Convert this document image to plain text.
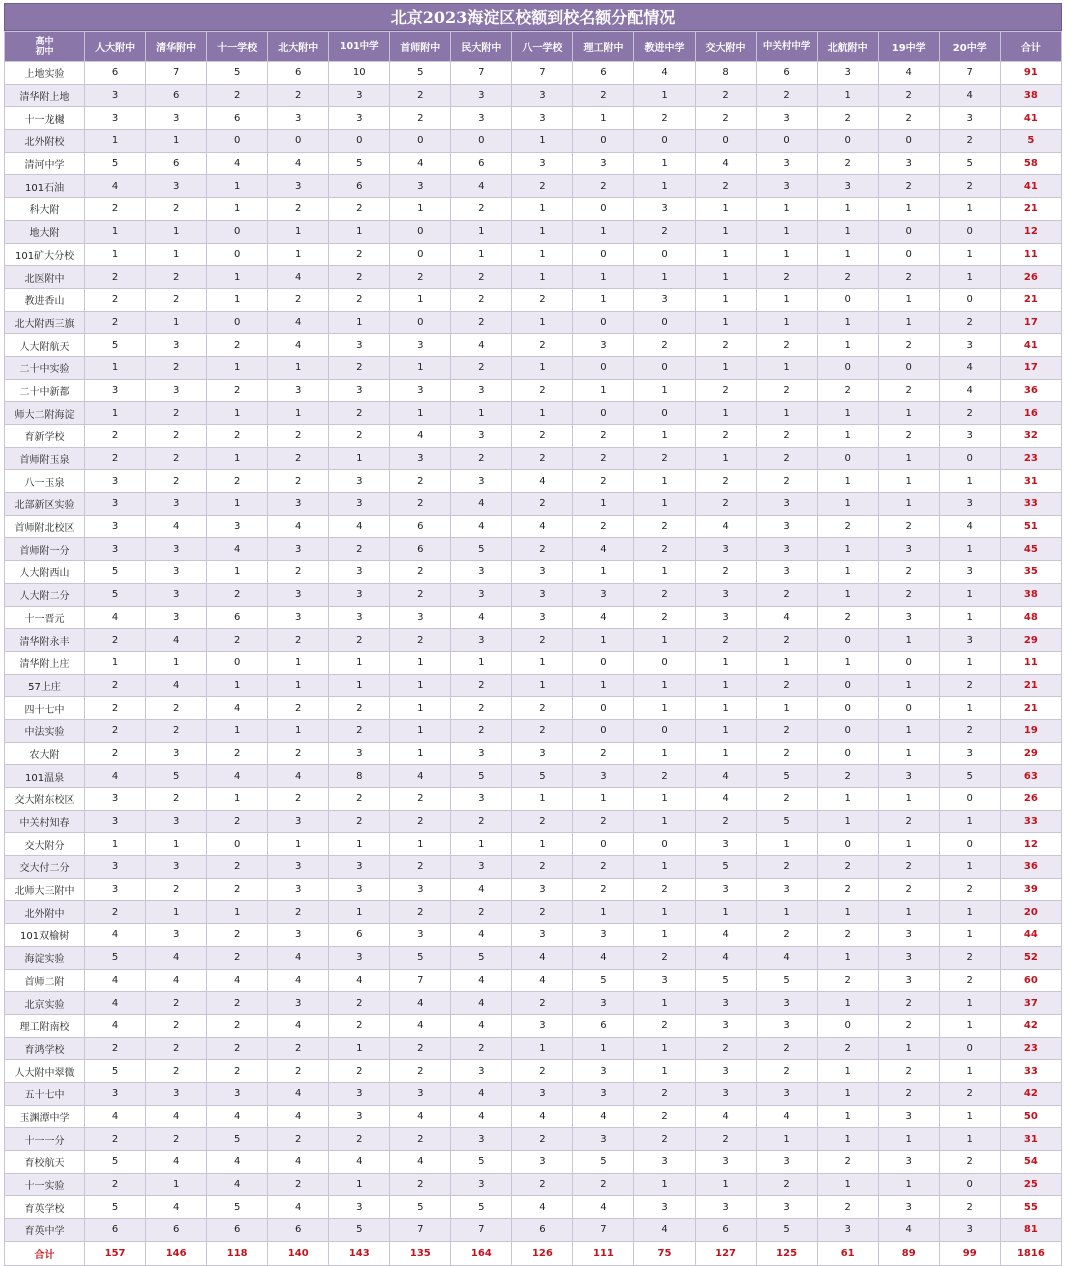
北京2023海淀区校额到校名额分配情况
高中
初中	人大附中	清华附中	十一学校	北大附中	101中学	首师附中	民大附中	八一学校	理工附中	教进中学	交大附中	中关村中学	北航附中	19中学	20中学	合计
上地实验	6	7	5	6	10	5	7	7	6	4	8	6	3	4	7	91
清华附上地	3	6	2	2	3	2	3	3	2	1	2	2	1	2	4	38
十一龙樾	3	3	6	3	3	2	3	3	1	2	2	3	2	2	3	41
北外附校	1	1	0	0	0	0	0	1	0	0	0	0	0	0	2	5
清河中学	5	6	4	4	5	4	6	3	3	1	4	3	2	3	5	58
101石油	4	3	1	3	6	3	4	2	2	1	2	3	3	2	2	41
科大附	2	2	1	2	2	1	2	1	0	3	1	1	1	1	1	21
地大附	1	1	0	1	1	0	1	1	1	2	1	1	1	0	0	12
101矿大分校	1	1	0	1	2	0	1	1	0	0	1	1	1	0	1	11
北医附中	2	2	1	4	2	2	2	1	1	1	1	2	2	2	1	26
教进香山	2	2	1	2	2	1	2	2	1	3	1	1	0	1	0	21
北大附西三旗	2	1	0	4	1	0	2	1	0	0	1	1	1	1	2	17
人大附航天	5	3	2	4	3	3	4	2	3	2	2	2	1	2	3	41
二十中实验	1	2	1	1	2	1	2	1	0	0	1	1	0	0	4	17
二十中新都	3	3	2	3	3	3	3	2	1	1	2	2	2	2	4	36
师大二附海淀	1	2	1	1	2	1	1	1	0	0	1	1	1	1	2	16
育新学校	2	2	2	2	2	4	3	2	2	1	2	2	1	2	3	32
首师附玉泉	2	2	1	2	1	3	2	2	2	2	1	2	0	1	0	23
八一玉泉	3	2	2	2	3	2	3	4	2	1	2	2	1	1	1	31
北部新区实验	3	3	1	3	3	2	4	2	1	1	2	3	1	1	3	33
首师附北校区	3	4	3	4	4	6	4	4	2	2	4	3	2	2	4	51
首师附一分	3	3	4	3	2	6	5	2	4	2	3	3	1	3	1	45
人大附西山	5	3	1	2	3	2	3	3	1	1	2	3	1	2	3	35
人大附二分	5	3	2	3	3	2	3	3	3	2	3	2	1	2	1	38
十一晋元	4	3	6	3	3	3	4	3	4	2	3	4	2	3	1	48
清华附永丰	2	4	2	2	2	2	3	2	1	1	2	2	0	1	3	29
清华附上庄	1	1	0	1	1	1	1	1	0	0	1	1	1	0	1	11
57上庄	2	4	1	1	1	1	2	1	1	1	1	2	0	1	2	21
四十七中	2	2	4	2	2	1	2	2	0	1	1	1	0	0	1	21
中法实验	2	2	1	1	2	1	2	2	0	0	1	2	0	1	2	19
农大附	2	3	2	2	3	1	3	3	2	1	1	2	0	1	3	29
101温泉	4	5	4	4	8	4	5	5	3	2	4	5	2	3	5	63
交大附东校区	3	2	1	2	2	2	3	1	1	1	4	2	1	1	0	26
中关村知春	3	3	2	3	2	2	2	2	2	1	2	5	1	2	1	33
交大附分	1	1	0	1	1	1	1	1	0	0	3	1	0	1	0	12
交大付二分	3	3	2	3	3	2	3	2	2	1	5	2	2	2	1	36
北师大三附中	3	2	2	3	3	3	4	3	2	2	3	3	2	2	2	39
北外附中	2	1	1	2	1	2	2	2	1	1	1	1	1	1	1	20
101双榆树	4	3	2	3	6	3	4	3	3	1	4	2	2	3	1	44
海淀实验	5	4	2	4	3	5	5	4	4	2	4	4	1	3	2	52
首师二附	4	4	4	4	4	7	4	4	5	3	5	5	2	3	2	60
北京实验	4	2	2	3	2	4	4	2	3	1	3	3	1	2	1	37
理工附南校	4	2	2	4	2	4	4	3	6	2	3	3	0	2	1	42
育鸿学校	2	2	2	2	1	2	2	1	1	1	2	2	2	1	0	23
人大附中翠微	5	2	2	2	2	2	3	2	3	1	3	2	1	2	1	33
五十七中	3	3	3	4	3	3	4	3	3	2	3	3	1	2	2	42
玉渊潭中学	4	4	4	4	3	4	4	4	4	2	4	4	1	3	1	50
十一一分	2	2	5	2	2	2	3	2	3	2	2	1	1	1	1	31
育校航天	5	4	4	4	4	4	5	3	5	3	3	3	2	3	2	54
十一实验	2	1	4	2	1	2	3	2	2	1	1	2	1	1	0	25
育英学校	5	4	5	4	3	5	5	4	4	3	3	3	2	3	2	55
育英中学	6	6	6	6	5	7	7	6	7	4	6	5	3	4	3	81
合计	157	146	118	140	143	135	164	126	111	75	127	125	61	89	99	1816
